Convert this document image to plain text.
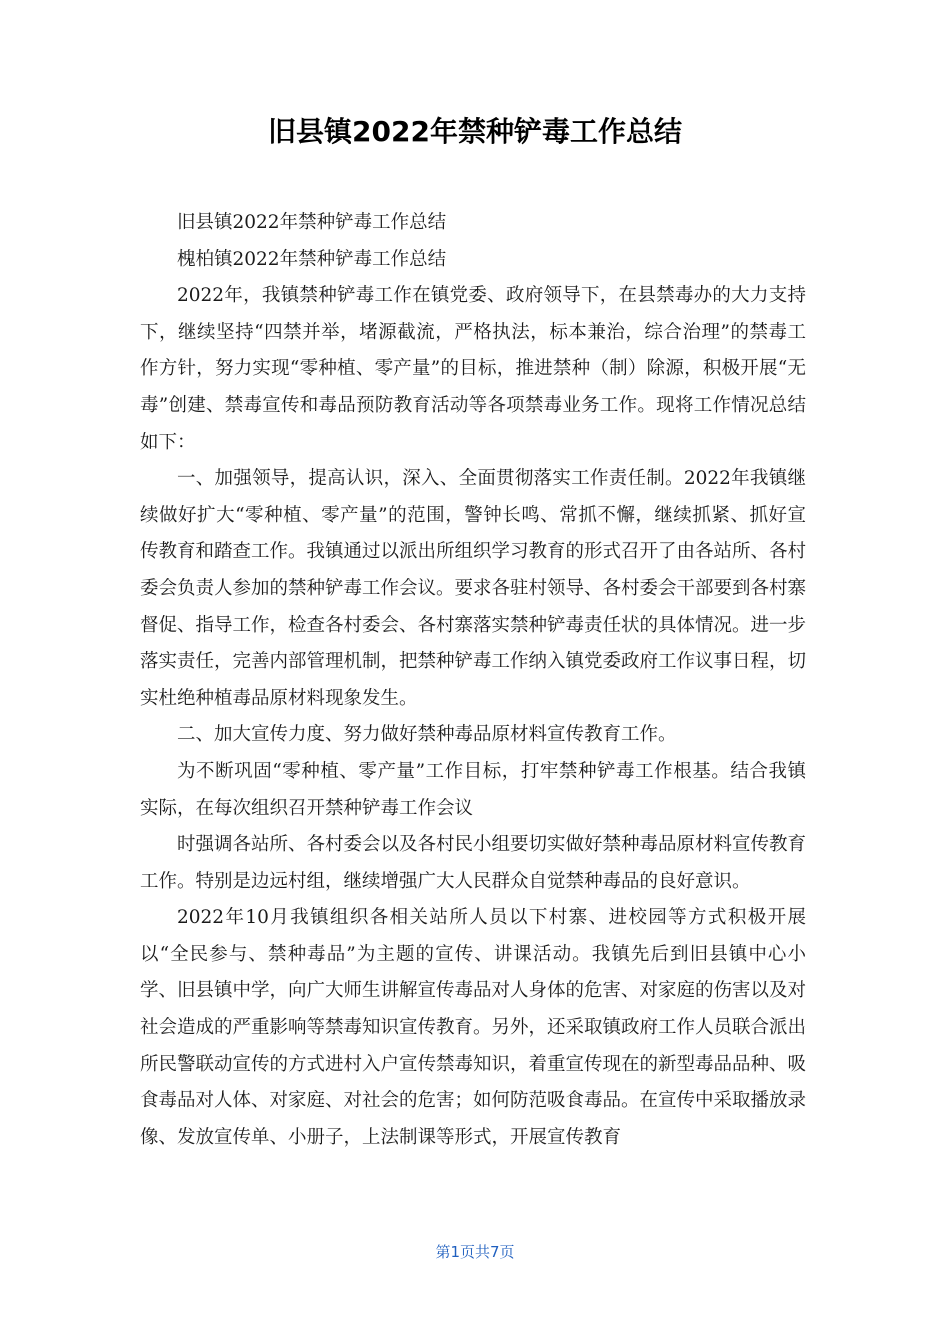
旧县镇2022年禁种铲毒工作总结

旧县镇2022年禁种铲毒工作总结

槐柏镇2022年禁种铲毒工作总结

2022年，我镇禁种铲毒工作在镇党委、政府领导下，在县禁毒办的大力支持下，继续坚持“四禁并举，堵源截流，严格执法，标本兼治，综合治理”的禁毒工作方针，努力实现“零种植、零产量”的目标，推进禁种（制）除源，积极开展“无毒”创建、禁毒宣传和毒品预防教育活动等各项禁毒业务工作。现将工作情况总结如下：

一、加强领导，提高认识，深入、全面贯彻落实工作责任制。2022年我镇继续做好扩大“零种植、零产量”的范围，警钟长鸣、常抓不懈，继续抓紧、抓好宣传教育和踏查工作。我镇通过以派出所组织学习教育的形式召开了由各站所、各村委会负责人参加的禁种铲毒工作会议。要求各驻村领导、各村委会干部要到各村寨督促、指导工作，检查各村委会、各村寨落实禁种铲毒责任状的具体情况。进一步落实责任，完善内部管理机制，把禁种铲毒工作纳入镇党委政府工作议事日程，切实杜绝种植毒品原材料现象发生。

二、加大宣传力度、努力做好禁种毒品原材料宣传教育工作。

为不断巩固“零种植、零产量”工作目标，打牢禁种铲毒工作根基。结合我镇实际，在每次组织召开禁种铲毒工作会议

时强调各站所、各村委会以及各村民小组要切实做好禁种毒品原材料宣传教育工作。特别是边远村组，继续增强广大人民群众自觉禁种毒品的良好意识。

2022年10月我镇组织各相关站所人员以下村寨、进校园等方式积极开展以“全民参与、禁种毒品”为主题的宣传、讲课活动。我镇先后到旧县镇中心小学、旧县镇中学，向广大师生讲解宣传毒品对人身体的危害、对家庭的伤害以及对社会造成的严重影响等禁毒知识宣传教育。另外，还采取镇政府工作人员联合派出所民警联动宣传的方式进村入户宣传禁毒知识，着重宣传现在的新型毒品品种、吸食毒品对人体、对家庭、对社会的危害；如何防范吸食毒品。在宣传中采取播放录像、发放宣传单、小册子，上法制课等形式，开展宣传教育

第1页共7页
